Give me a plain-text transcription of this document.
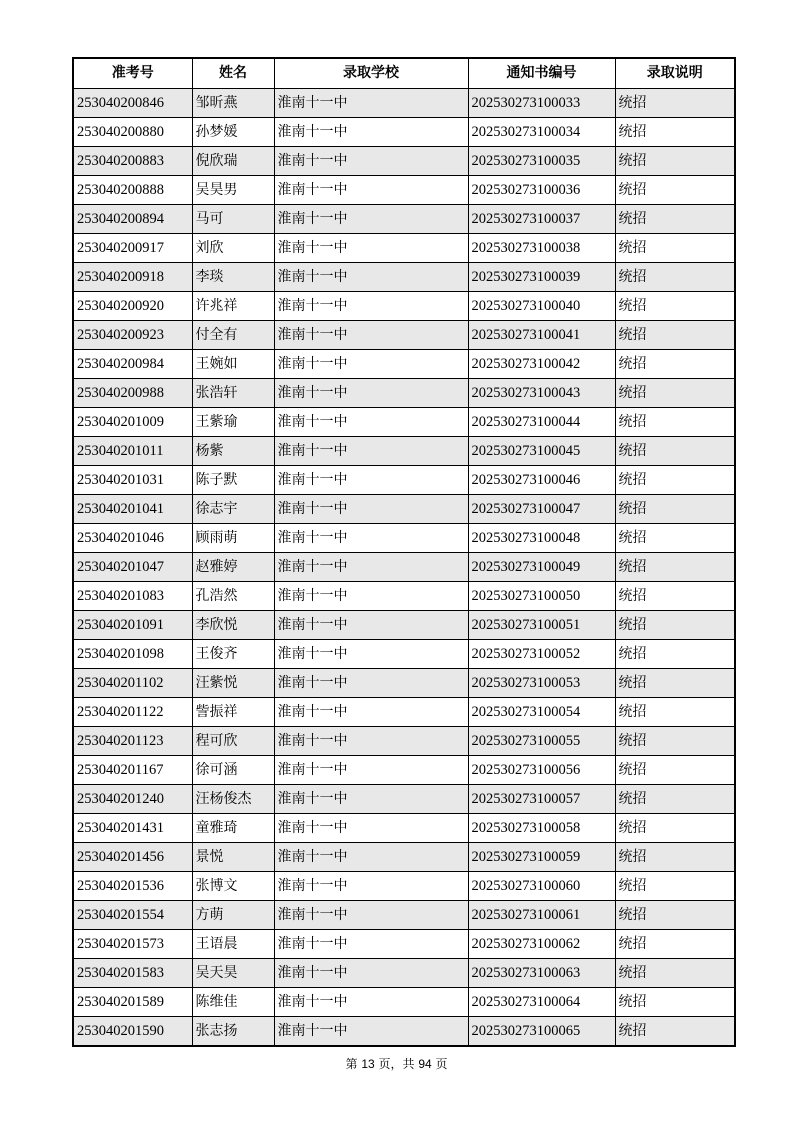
准考号	姓名	录取学校	通知书编号	录取说明
253040200846	邹昕燕	淮南十一中	202530273100033	统招
253040200880	孙梦媛	淮南十一中	202530273100034	统招
253040200883	倪欣瑞	淮南十一中	202530273100035	统招
253040200888	吴昊男	淮南十一中	202530273100036	统招
253040200894	马可	淮南十一中	202530273100037	统招
253040200917	刘欣	淮南十一中	202530273100038	统招
253040200918	李琰	淮南十一中	202530273100039	统招
253040200920	许兆祥	淮南十一中	202530273100040	统招
253040200923	付全有	淮南十一中	202530273100041	统招
253040200984	王婉如	淮南十一中	202530273100042	统招
253040200988	张浩轩	淮南十一中	202530273100043	统招
253040201009	王紫瑜	淮南十一中	202530273100044	统招
253040201011	杨紫	淮南十一中	202530273100045	统招
253040201031	陈子默	淮南十一中	202530273100046	统招
253040201041	徐志宇	淮南十一中	202530273100047	统招
253040201046	顾雨萌	淮南十一中	202530273100048	统招
253040201047	赵雅婷	淮南十一中	202530273100049	统招
253040201083	孔浩然	淮南十一中	202530273100050	统招
253040201091	李欣悦	淮南十一中	202530273100051	统招
253040201098	王俊齐	淮南十一中	202530273100052	统招
253040201102	汪紫悦	淮南十一中	202530273100053	统招
253040201122	訾振祥	淮南十一中	202530273100054	统招
253040201123	程可欣	淮南十一中	202530273100055	统招
253040201167	徐可涵	淮南十一中	202530273100056	统招
253040201240	汪杨俊杰	淮南十一中	202530273100057	统招
253040201431	童雅琦	淮南十一中	202530273100058	统招
253040201456	景悦	淮南十一中	202530273100059	统招
253040201536	张博文	淮南十一中	202530273100060	统招
253040201554	方萌	淮南十一中	202530273100061	统招
253040201573	王语晨	淮南十一中	202530273100062	统招
253040201583	吴天昊	淮南十一中	202530273100063	统招
253040201589	陈维佳	淮南十一中	202530273100064	统招
253040201590	张志扬	淮南十一中	202530273100065	统招
第 13 页，共 94 页
